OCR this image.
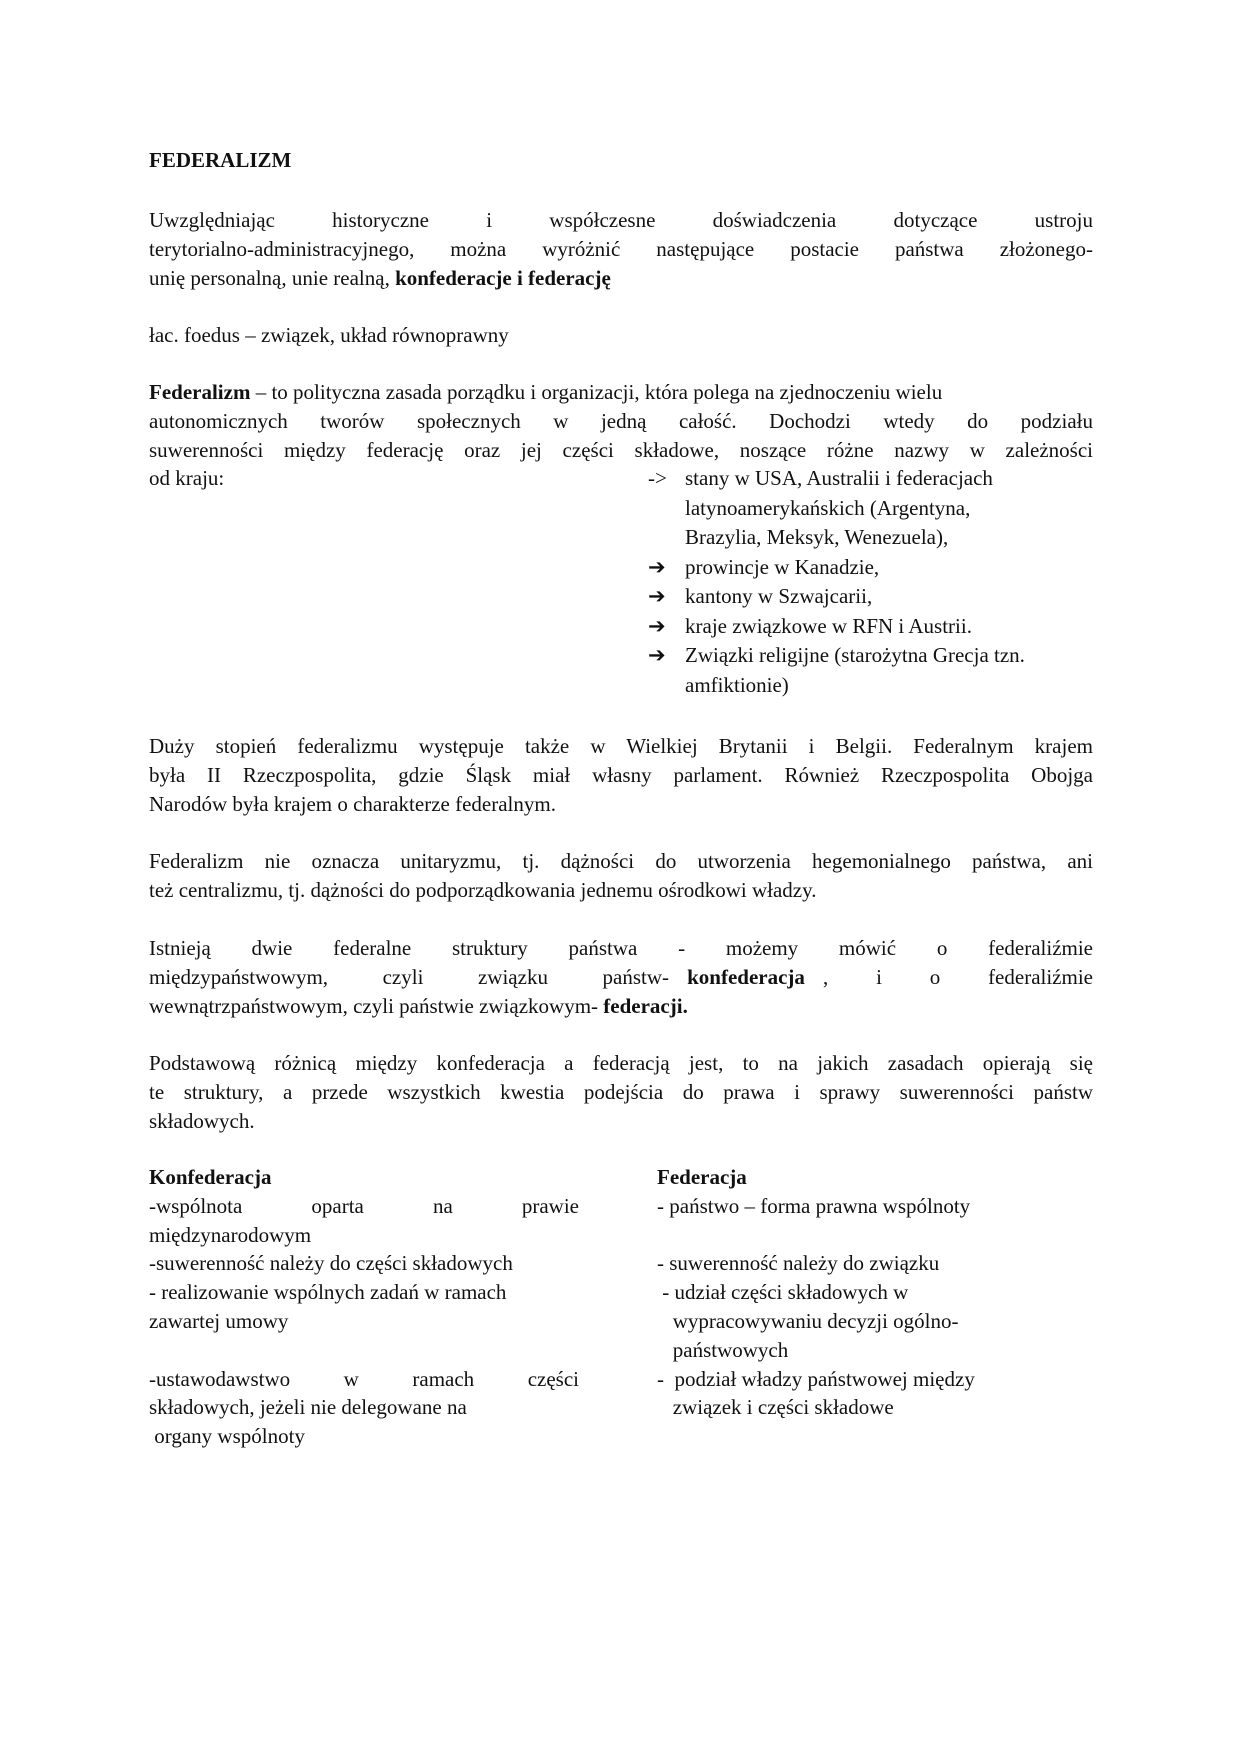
FEDERALIZM
Uwzględniając historyczne i współczesne doświadczenia dotyczące ustroju
terytorialno-administracyjnego, można wyróżnić następujące postacie państwa złożonego-
unię personalną, unie realną, konfederacje i federację
łac. foedus – związek, układ równoprawny
Federalizm – to polityczna zasada porządku i organizacji, która polega na zjednoczeniu wielu
autonomicznych tworów społecznych w jedną całość. Dochodzi wtedy do podziału
suwerenności między federację oraz jej części składowe, noszące różne nazwy w zależności
od kraju:	-> stany w USA, Australii i federacjach
latynoamerykańskich (Argentyna,
Brazylia, Meksyk, Wenezuela),
➔ prowincje w Kanadzie,
➔ kantony w Szwajcarii,
➔ kraje związkowe w RFN i Austrii.
➔ Związki religijne (starożytna Grecja tzn.
amfiktionie)
Duży stopień federalizmu występuje także w Wielkiej Brytanii i Belgii. Federalnym krajem
była II Rzeczpospolita, gdzie Śląsk miał własny parlament. Również Rzeczpospolita Obojga
Narodów była krajem o charakterze federalnym.
Federalizm nie oznacza unitaryzmu, tj. dążności do utworzenia hegemonialnego państwa, ani
też centralizmu, tj. dążności do podporządkowania jednemu ośrodkowi władzy.
Istnieją dwie federalne struktury państwa - możemy mówić o federaliźmie
międzypaństwowym, czyli związku państw- konfederacja , i o federaliźmie
wewnątrzpaństwowym, czyli państwie związkowym- federacji.
Podstawową różnicą między konfederacja a federacją jest, to na jakich zasadach opierają się
te struktury, a przede wszystkich kwestia podejścia do prawa i sprawy suwerenności państw
składowych.
Konfederacja
-wspólnota oparta na prawie
międzynarodowym
-suwerenność należy do części składowych
- realizowanie wspólnych zadań w ramach
zawartej umowy
-ustawodawstwo w ramach części
składowych, jeżeli nie delegowane na
organy wspólnoty
Federacja
- państwo – forma prawna wspólnoty
- suwerenność należy do związku
- udział części składowych w
wypracowywaniu decyzji ogólno-
państwowych
-  podział władzy państwowej między
związek i części składowe
